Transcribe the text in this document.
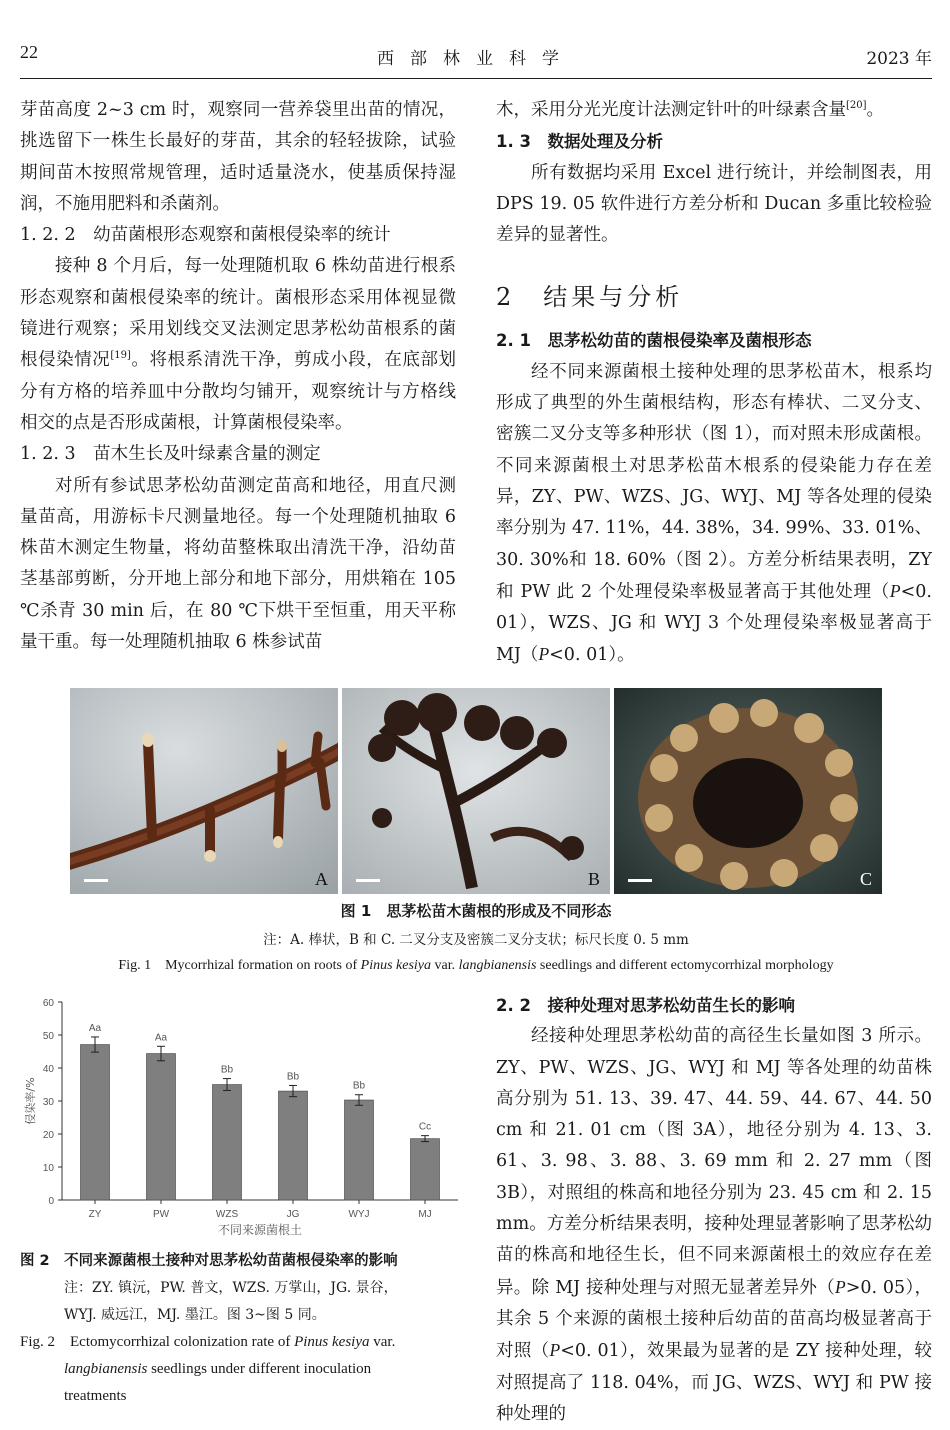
22	西部林业科学	2023 年

芽苗高度 2~3 cm 时，观察同一营养袋里出苗的情况，挑选留下一株生长最好的芽苗，其余的轻轻拔除，试验期间苗木按照常规管理，适时适量浇水，使基质保持湿润，不施用肥料和杀菌剂。

1. 2. 2　幼苗菌根形态观察和菌根侵染率的统计

接种 8 个月后，每一处理随机取 6 株幼苗进行根系形态观察和菌根侵染率的统计。菌根形态采用体视显微镜进行观察；采用划线交叉法测定思茅松幼苗根系的菌根侵染情况[19]。将根系清洗干净，剪成小段，在底部划分有方格的培养皿中分散均匀铺开，观察统计与方格线相交的点是否形成菌根，计算菌根侵染率。

1. 2. 3　苗木生长及叶绿素含量的测定

对所有参试思茅松幼苗测定苗高和地径，用直尺测量苗高，用游标卡尺测量地径。每一个处理随机抽取 6 株苗木测定生物量，将幼苗整株取出清洗干净，沿幼苗茎基部剪断，分开地上部分和地下部分，用烘箱在 105 ℃杀青 30 min 后，在 80 ℃下烘干至恒重，用天平称量干重。每一处理随机抽取 6 株参试苗

木，采用分光光度计法测定针叶的叶绿素含量[20]。

1. 3　数据处理及分析

所有数据均采用 Excel 进行统计，并绘制图表，用 DPS 19. 05 软件进行方差分析和 Ducan 多重比较检验差异的显著性。

2　结果与分析

2. 1　思茅松幼苗的菌根侵染率及菌根形态

经不同来源菌根土接种处理的思茅松苗木，根系均形成了典型的外生菌根结构，形态有棒状、二叉分支、密簇二叉分支等多种形状（图 1），而对照未形成菌根。不同来源菌根土对思茅松苗木根系的侵染能力存在差异，ZY、PW、WZS、JG、WYJ、MJ 等各处理的侵染率分别为 47. 11%，44. 38%，34. 99%、33. 01%、30. 30%和 18. 60%（图 2）。方差分析结果表明，ZY 和 PW 此 2 个处理侵染率极显著高于其他处理（P<0. 01），WZS、JG 和 WYJ 3 个处理侵染率极显著高于 MJ（P<0. 01）。

A	B	C
图 1　思茅松苗木菌根的形成及不同形态
注：A. 棒状，B 和 C. 二叉分支及密簇二叉分支状；标尺长度 0. 5 mm
Fig. 1　Mycorrhizal formation on roots of Pinus kesiya var. langbianensis seedlings and different ectomycorrhizal morphology
0
10
20
30
40
50
60
Aa
ZY
Aa
PW
Bb
WZS
Bb
JG
Bb
WYJ
Cc
MJ
不同来源菌根土
侵染率/%
图 2　不同来源菌根土接种对思茅松幼苗菌根侵染率的影响
注：ZY. 镇沅，PW. 普文，WZS. 万掌山，JG. 景谷，
WYJ. 威远江，MJ. 墨江。图 3~图 5 同。
Fig. 2　Ectomycorrhizal colonization rate of Pinus kesiya var.
langbianensis seedlings under different inoculation
treatments

2. 2　接种处理对思茅松幼苗生长的影响

经接种处理思茅松幼苗的高径生长量如图 3 所示。ZY、PW、WZS、JG、WYJ 和 MJ 等各处理的幼苗株高分别为 51. 13、39. 47、44. 59、44. 67、44. 50 cm 和 21. 01 cm（图 3A），地径分别为 4. 13、3. 61、3. 98、3. 88、3. 69 mm 和 2. 27 mm（图 3B），对照组的株高和地径分别为 23. 45 cm 和 2. 15 mm。方差分析结果表明，接种处理显著影响了思茅松幼苗的株高和地径生长，但不同来源菌根土的效应存在差异。除 MJ 接种处理与对照无显著差异外（P>0. 05），其余 5 个来源的菌根土接种后幼苗的苗高均极显著高于对照（P<0. 01），效果最为显著的是 ZY 接种处理，较对照提高了 118. 04%，而 JG、WZS、WYJ 和 PW 接种处理的
